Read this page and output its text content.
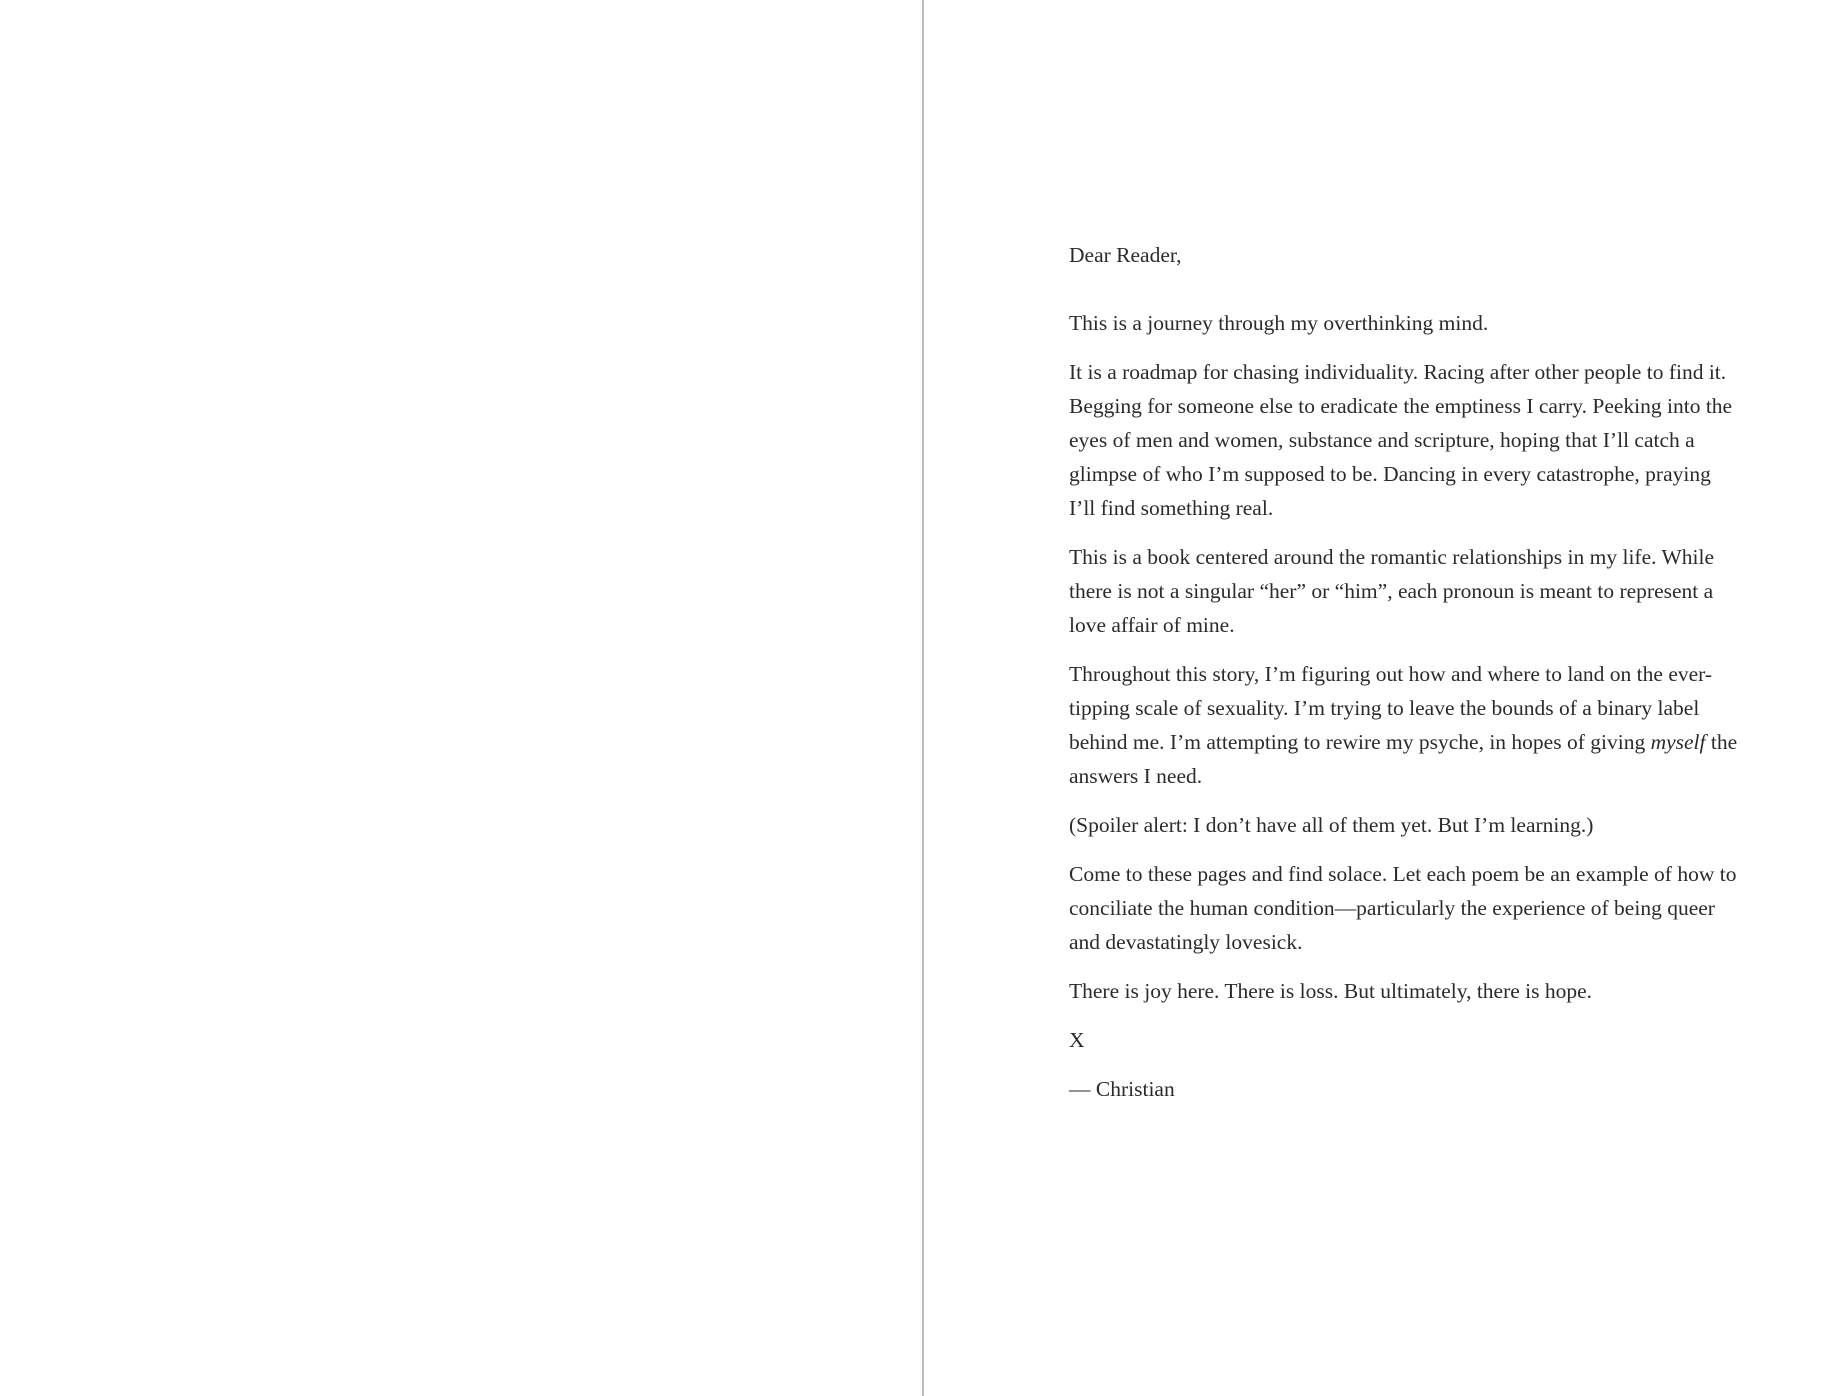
Dear Reader,

This is a journey through my overthinking mind.

It is a roadmap for chasing individuality. Racing after other people to find it. Begging for someone else to eradicate the emptiness I carry. Peeking into the eyes of men and women, substance and scripture, hoping that I’ll catch a glimpse of who I’m supposed to be. Dancing in every catastrophe, praying I’ll find something real.

This is a book centered around the romantic relationships in my life. While there is not a singular “her” or “him”, each pronoun is meant to represent a love affair of mine.

Throughout this story, I’m figuring out how and where to land on the ever-tipping scale of sexuality. I’m trying to leave the bounds of a binary label behind me. I’m attempting to rewire my psyche, in hopes of giving myself the answers I need.

(Spoiler alert: I don’t have all of them yet. But I’m learning.)

Come to these pages and find solace. Let each poem be an example of how to conciliate the human condition—particularly the experience of being queer and devastatingly lovesick.

There is joy here. There is loss. But ultimately, there is hope.

X

— Christian
